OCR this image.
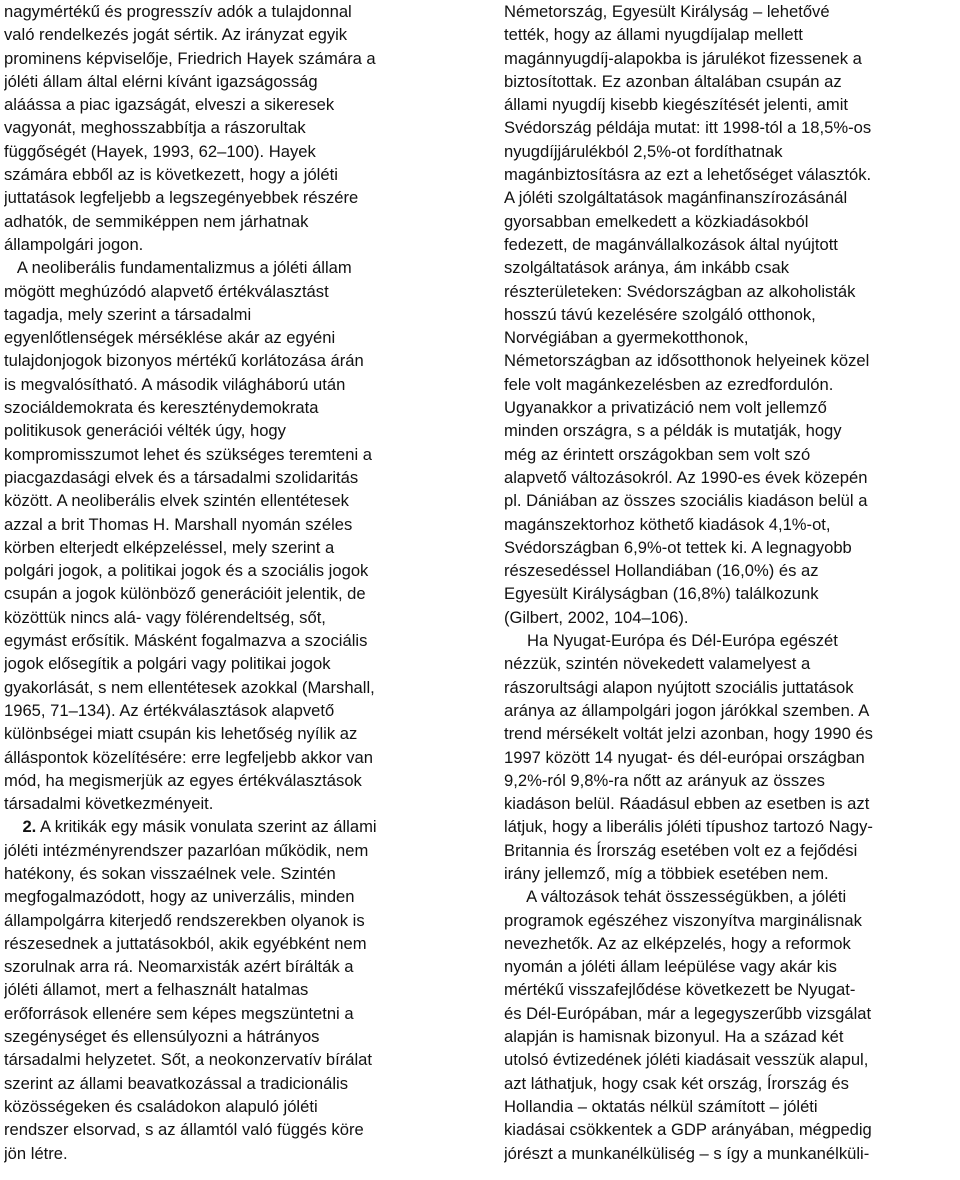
nagymértékű és progresszív adók a tulajdonnal
való rendelkezés jogát sértik. Az irányzat egyik
prominens képviselője, Friedrich Hayek számára a
jóléti állam által elérni kívánt igazságosság
aláássa a piac igazságát, elveszi a sikeresek
vagyonát, meghosszabbítja a rászorultak
függőségét (Hayek, 1993, 62–100). Hayek
számára ebből az is következett, hogy a jóléti
juttatások legfeljebb a legszegényebbek részére
adhatók, de semmiképpen nem járhatnak
állampolgári jogon.
A neoliberális fundamentalizmus a jóléti állam
mögött meghúzódó alapvető értékválasztást
tagadja, mely szerint a társadalmi
egyenlőtlenségek mérséklése akár az egyéni
tulajdonjogok bizonyos mértékű korlátozása árán
is megvalósítható. A második világháború után
szociáldemokrata és kereszténydemokrata
politikusok generációi vélték úgy, hogy
kompromisszumot lehet és szükséges teremteni a
piacgazdasági elvek és a társadalmi szolidaritás
között. A neoliberális elvek szintén ellentétesek
azzal a brit Thomas H. Marshall nyomán széles
körben elterjedt elképzeléssel, mely szerint a
polgári jogok, a politikai jogok és a szociális jogok
csupán a jogok különböző generációit jelentik, de
közöttük nincs alá- vagy fölérendeltség, sőt,
egymást erősítik. Másként fogalmazva a szociális
jogok elősegítik a polgári vagy politikai jogok
gyakorlását, s nem ellentétesek azokkal (Marshall,
1965, 71–134). Az értékválasztások alapvető
különbségei miatt csupán kis lehetőség nyílik az
álláspontok közelítésére: erre legfeljebb akkor van
mód, ha megismerjük az egyes értékválasztások
társadalmi következményeit.
2. A kritikák egy másik vonulata szerint az állami
jóléti intézményrendszer pazarlóan működik, nem
hatékony, és sokan visszaélnek vele. Szintén
megfogalmazódott, hogy az univerzális, minden
állampolgárra kiterjedő rendszerekben olyanok is
részesednek a juttatásokból, akik egyébként nem
szorulnak arra rá. Neomarxisták azért bírálták a
jóléti államot, mert a felhasznált hatalmas
erőforrások ellenére sem képes megszüntetni a
szegénységet és ellensúlyozni a hátrányos
társadalmi helyzetet. Sőt, a neokonzervatív bírálat
szerint az állami beavatkozással a tradicionális
közösségeken és családokon alapuló jóléti
rendszer elsorvad, s az államtól való függés köre
jön létre.
Németország, Egyesült Királyság – lehetővé
tették, hogy az állami nyugdíjalap mellett
magánnyugdíj-alapokba is járulékot fizessenek a
biztosítottak. Ez azonban általában csupán az
állami nyugdíj kisebb kiegészítését jelenti, amit
Svédország példája mutat: itt 1998-tól a 18,5%-os
nyugdíjjárulékból 2,5%-ot fordíthatnak
magánbiztosításra az ezt a lehetőséget választók.
A jóléti szolgáltatások magánfinanszírozásánál
gyorsabban emelkedett a közkiadásokból
fedezett, de magánvállalkozások által nyújtott
szolgáltatások aránya, ám inkább csak
részterületeken: Svédországban az alkoholisták
hosszú távú kezelésére szolgáló otthonok,
Norvégiában a gyermekotthonok,
Németországban az idősotthonok helyeinek közel
fele volt magánkezelésben az ezredfordulón.
Ugyanakkor a privatizáció nem volt jellemző
minden országra, s a példák is mutatják, hogy
még az érintett országokban sem volt szó
alapvető változásokról. Az 1990-es évek közepén
pl. Dániában az összes szociális kiadáson belül a
magánszektorhoz köthető kiadások 4,1%-ot,
Svédországban 6,9%-ot tettek ki. A legnagyobb
részesedéssel Hollandiában (16,0%) és az
Egyesült Királyságban (16,8%) találkozunk
(Gilbert, 2002, 104–106).
Ha Nyugat-Európa és Dél-Európa egészét
nézzük, szintén növekedett valamelyest a
rászorultsági alapon nyújtott szociális juttatások
aránya az állampolgári jogon járókkal szemben. A
trend mérsékelt voltát jelzi azonban, hogy 1990 és
1997 között 14 nyugat- és dél-európai országban
9,2%-ról 9,8%-ra nőtt az arányuk az összes
kiadáson belül. Ráadásul ebben az esetben is azt
látjuk, hogy a liberális jóléti típushoz tartozó Nagy-
Britannia és Írország esetében volt ez a fejődési
irány jellemző, míg a többiek esetében nem.
A változások tehát összességükben, a jóléti
programok egészéhez viszonyítva marginálisnak
nevezhetők. Az az elképzelés, hogy a reformok
nyomán a jóléti állam leépülése vagy akár kis
mértékű visszafejlődése következett be Nyugat-
és Dél-Európában, már a legegyszerűbb vizsgálat
alapján is hamisnak bizonyul. Ha a század két
utolsó évtizedének jóléti kiadásait vesszük alapul,
azt láthatjuk, hogy csak két ország, Írország és
Hollandia – oktatás nélkül számított – jóléti
kiadásai csökkentek a GDP arányában, mégpedig
jórészt a munkanélküliség – s így a munkanélküli-
